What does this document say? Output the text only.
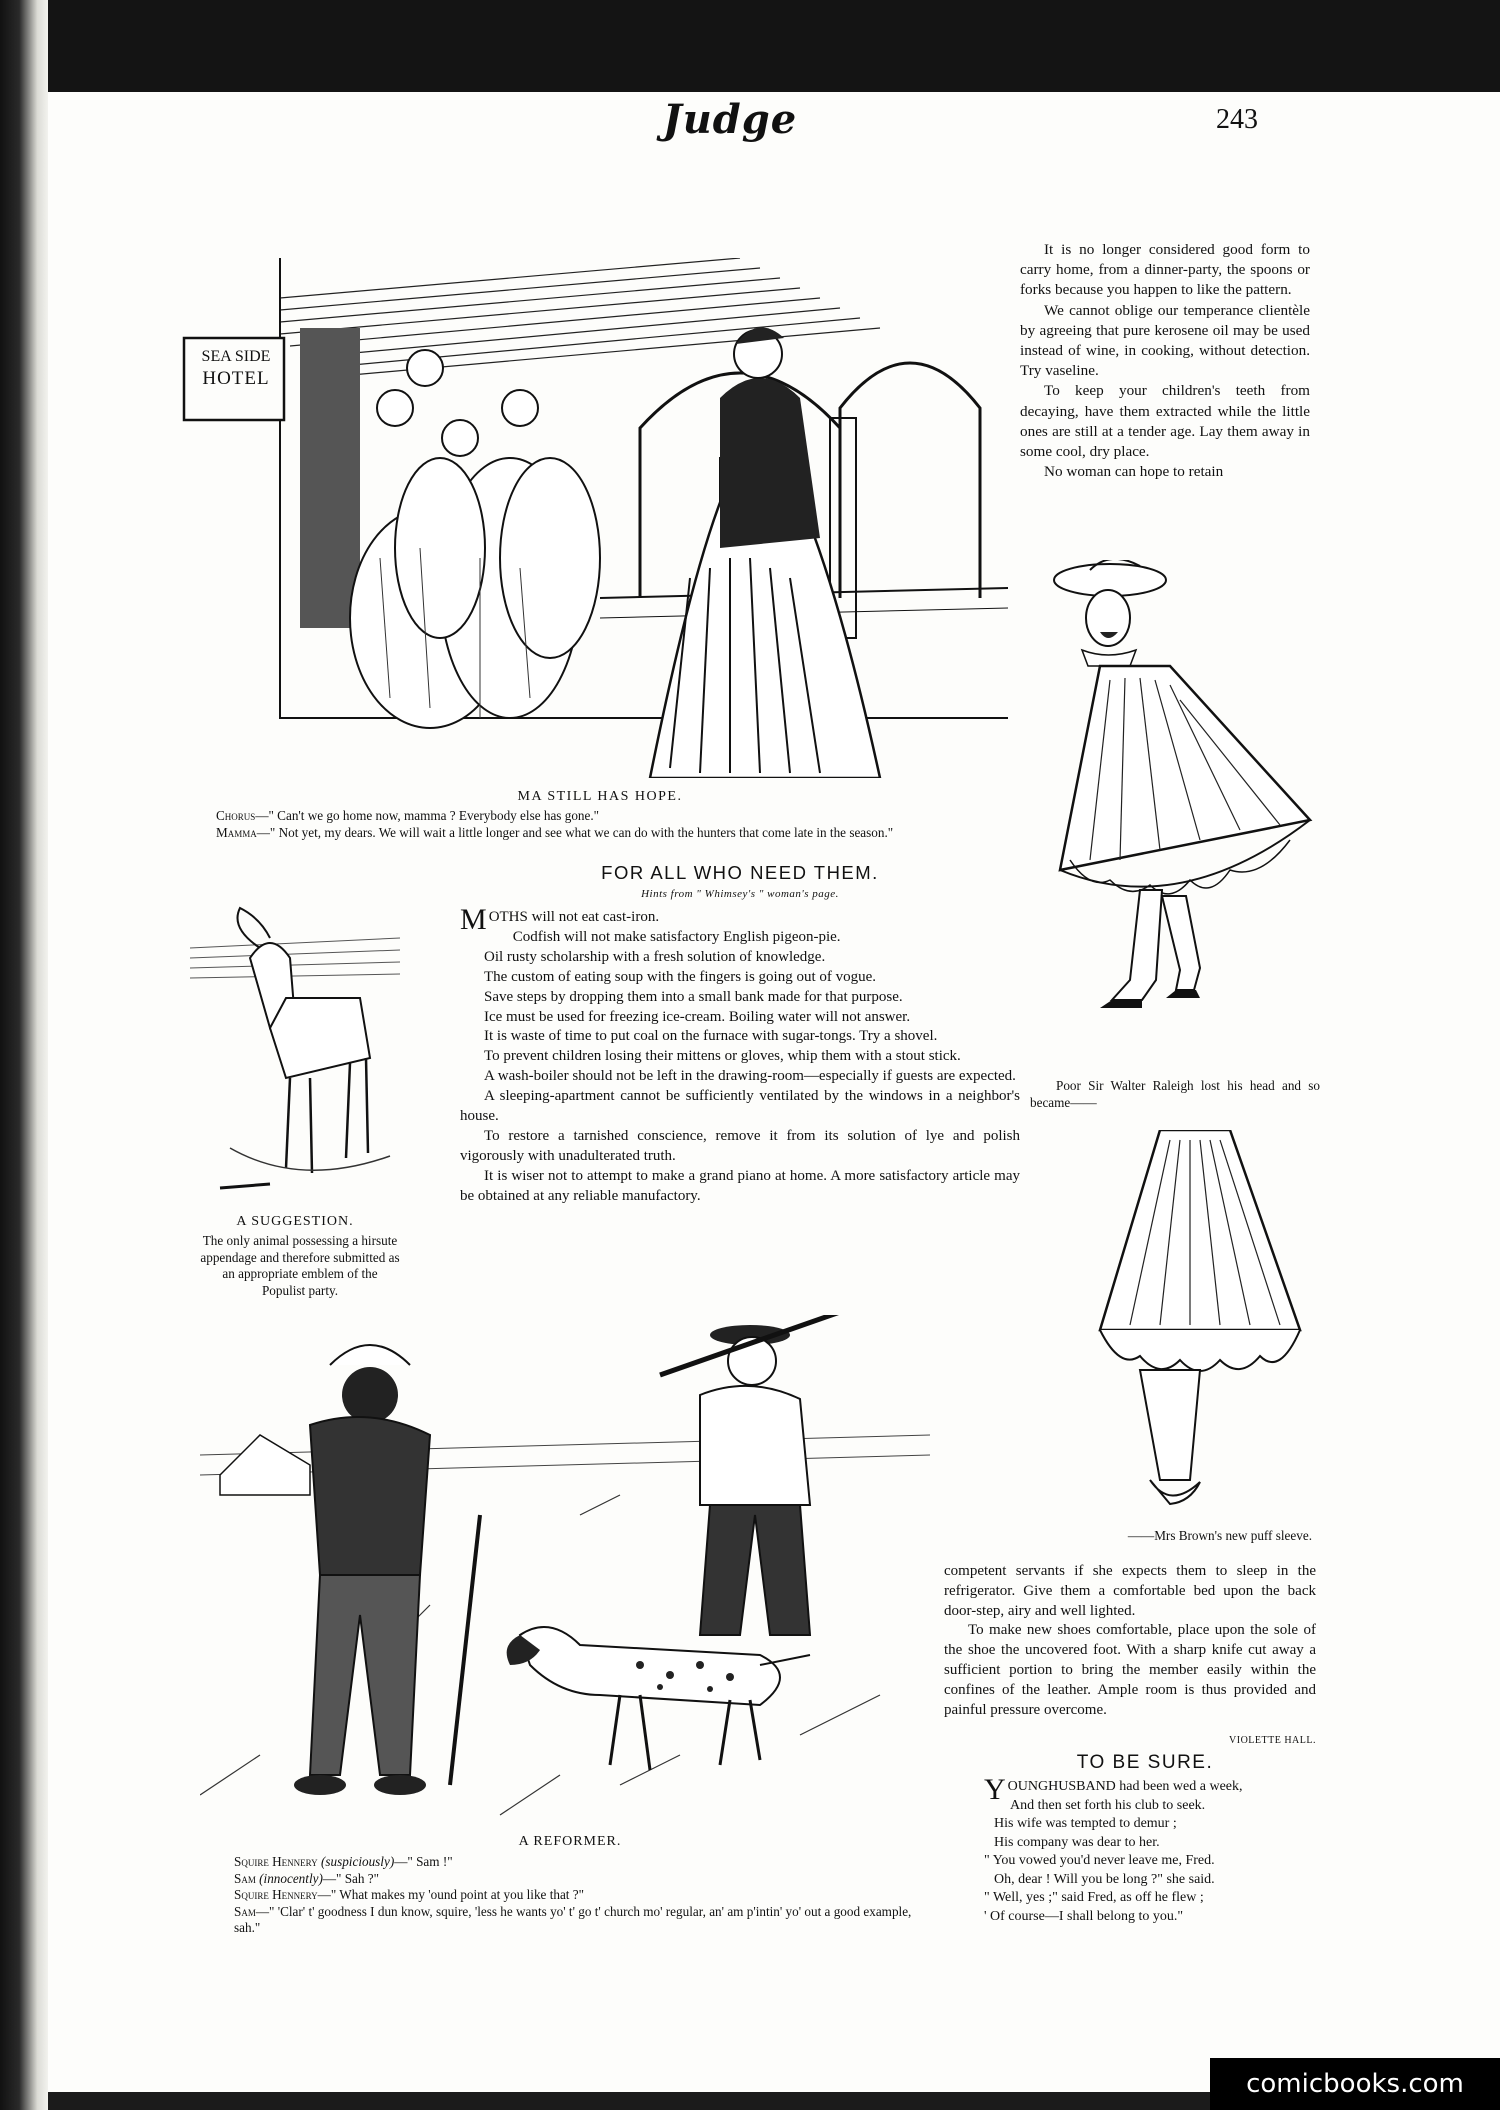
Judge	243
SEA SIDE
HOTEL
MA STILL HAS HOPE.

Chorus—" Can't we go home now, mamma ? Everybody else has gone."

Mamma—" Not yet, my dears. We will wait a little longer and see what we can do with the hunters that come late in the season."

It is no longer considered good form to carry home, from a dinner-party, the spoons or forks because you happen to like the pattern.

We cannot oblige our temperance clientèle by agreeing that pure kerosene oil may be used instead of wine, in cooking, without detection. Try vaseline.

To keep your children's teeth from decaying, have them extracted while the little ones are still at a tender age. Lay them away in some cool, dry place.

No woman can hope to retain

Poor Sir Walter Raleigh lost his head and so became——

——Mrs Brown's new puff sleeve.
A SUGGESTION.

The only animal possessing a hirsute appendage and therefore submitted as an appropriate emblem of the Populist party.

FOR ALL WHO NEED THEM.
Hints from " Whimsey's " woman's page.

MOTHS will not eat cast-iron.

Codfish will not make satisfactory English pigeon-pie.

Oil rusty scholarship with a fresh solution of knowledge.

The custom of eating soup with the fingers is going out of vogue.

Save steps by dropping them into a small bank made for that purpose.

Ice must be used for freezing ice-cream. Boiling water will not answer.

It is waste of time to put coal on the furnace with sugar-tongs. Try a shovel.

To prevent children losing their mittens or gloves, whip them with a stout stick.

A wash-boiler should not be left in the drawing-room—especially if guests are expected.

A sleeping-apartment cannot be sufficiently ventilated by the windows in a neighbor's house.

To restore a tarnished conscience, remove it from its solution of lye and polish vigorously with unadulterated truth.

It is wiser not to attempt to make a grand piano at home. A more satisfactory article may be obtained at any reliable manufactory.

A REFORMER.

Squire Hennery (suspiciously)—" Sam !"

Sam (innocently)—" Sah ?"

Squire Hennery—" What makes my 'ound point at you like that ?"

Sam—" 'Clar' t' goodness I dun know, squire, 'less he wants yo' t' go t' church mo' regular, an' am p'intin' yo' out a good example, sah."

competent servants if she expects them to sleep in the refrigerator. Give them a comfortable bed upon the back door-step, airy and well lighted.

To make new shoes comfortable, place upon the sole of the shoe the uncovered foot. With a sharp knife cut away a sufficient portion to bring the member easily within the confines of the leather. Ample room is thus provided and painful pressure overcome.

VIOLETTE HALL.
TO BE SURE.

YOUNGHUSBAND had been wed a week,

And then set forth his club to seek.

His wife was tempted to demur ;

His company was dear to her.

" You vowed you'd never leave me, Fred.

Oh, dear ! Will you be long ?" she said.

" Well, yes ;" said Fred, as off he flew ;

' Of course—I shall belong to you."

comicbooks.com
